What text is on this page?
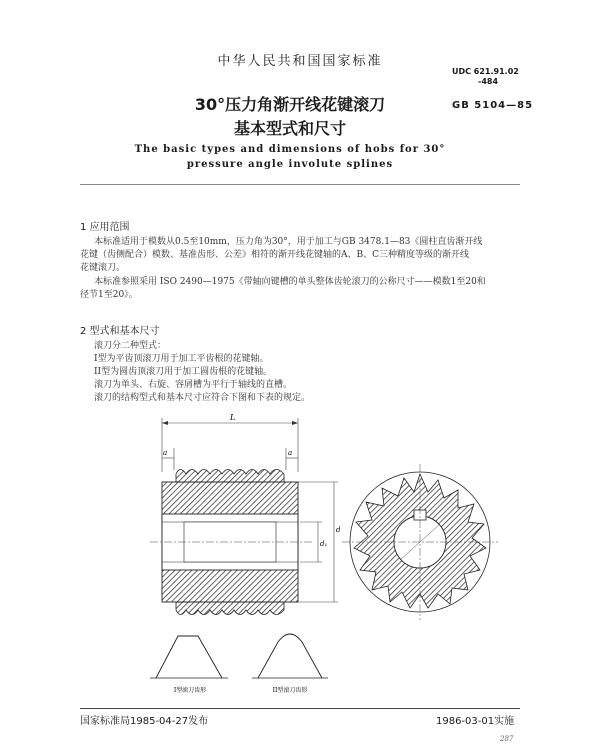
中华人民共和国国家标准
UDC 621.91.02
-484
GB 5104—85
30°压力角渐开线花键滚刀
基本型式和尺寸
The basic types and dimensions of hobs for 30°
pressure angle involute splines
1 应用范围
本标准适用于模数从0.5至10mm，压力角为30°，用于加工与GB 3478.1—83《圆柱直齿渐开线
花键（齿侧配合）模数、基准齿形、公差》相符的渐开线花键轴的A、B、C三种精度等级的渐开线
花键滚刀。
本标准参照采用 ISO 2490—1975《带轴向键槽的单头整体齿轮滚刀的公称尺寸——模数1至20和
径节1至20》。
2 型式和基本尺寸
滚刀分二种型式：
I型为平齿顶滚刀用于加工平齿根的花键轴。
II型为圆齿顶滚刀用于加工圆齿根的花键轴。
滚刀为单头、右旋、容屑槽为平行于轴线的直槽。
滚刀的结构型式和基本尺寸应符合下图和下表的规定。
L
a	a
d₁
d
I型滚刀齿形	II型滚刀齿形
国家标准局1985-04-27发布	1986-03-01实施
287
